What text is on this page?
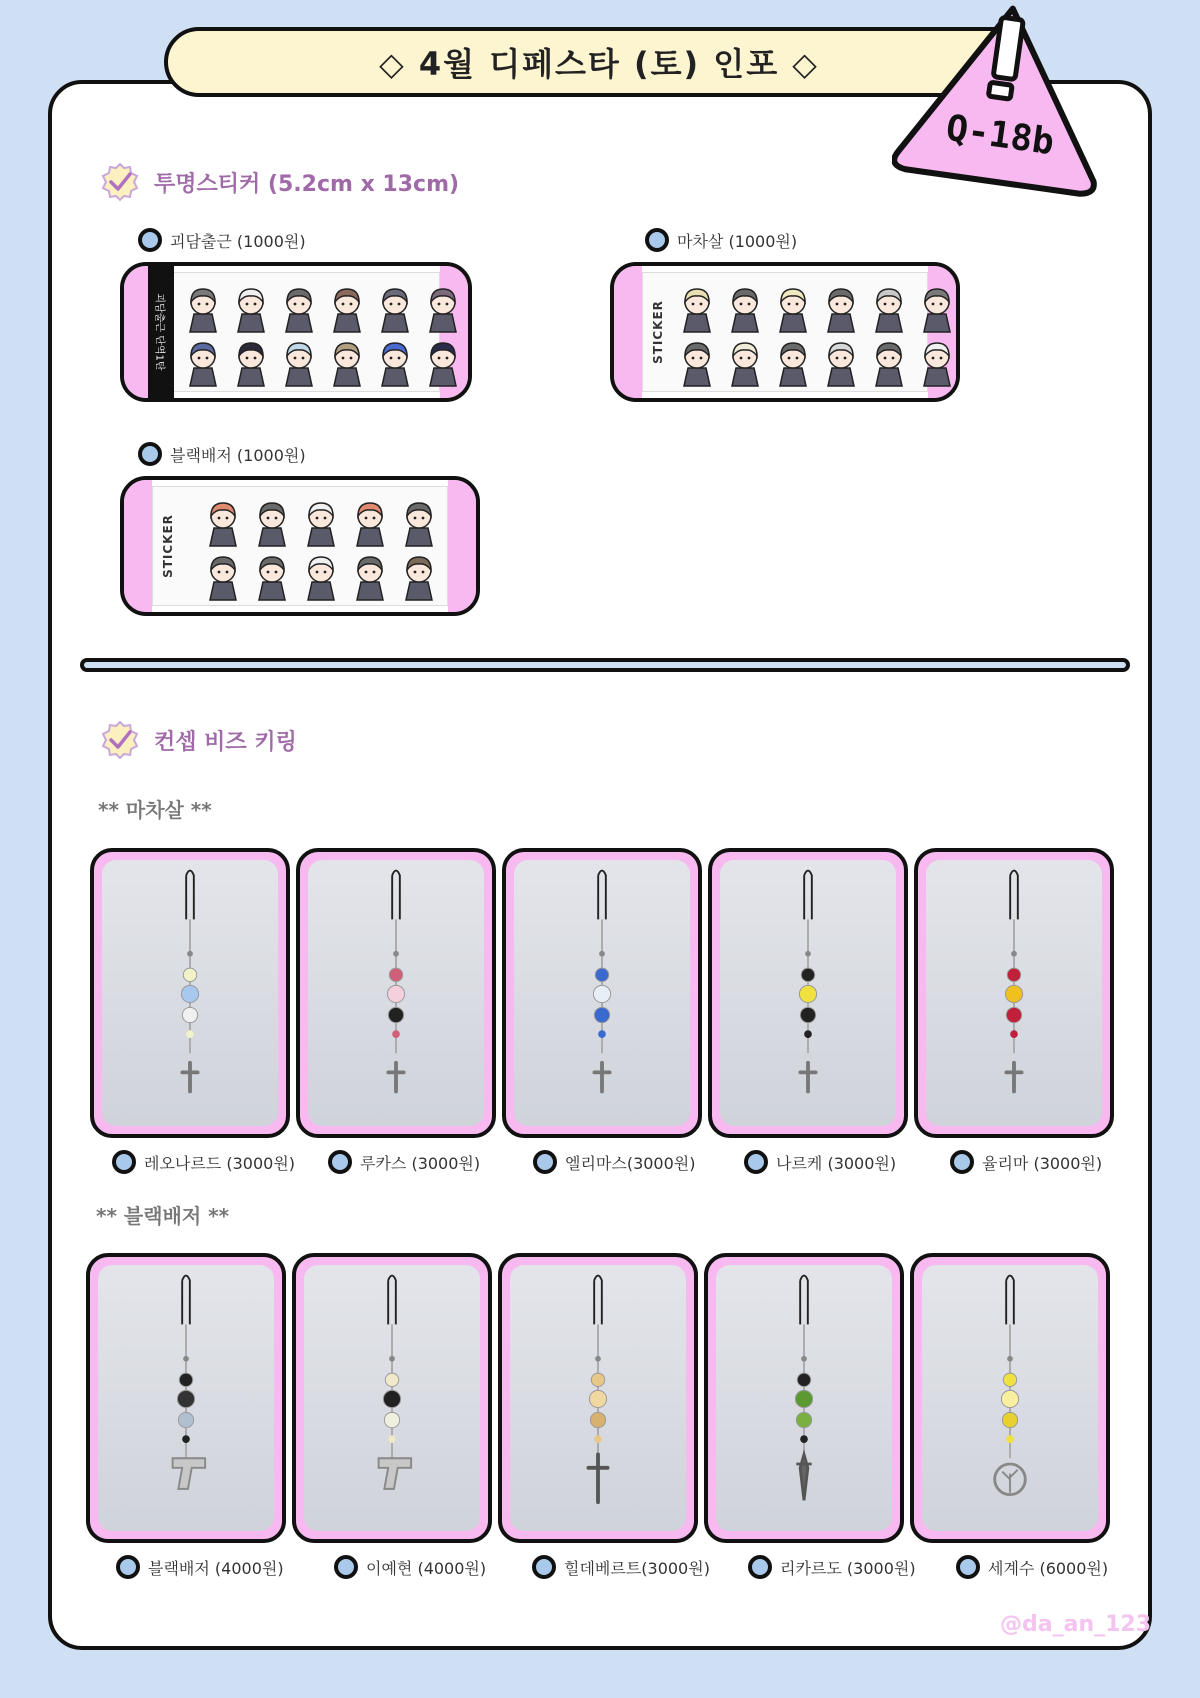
◇ 4월 디페스타 (토) 인포 ◇
Q-18b
투명스티커 (5.2cm x 13cm)
괴담출근 (1000원)
괴담출근 단역1탄
마차살 (1000원)
STICKER
블랙배저 (1000원)
STICKER
컨셉 비즈 키링
** 마차살 **
** 블랙배저 **
레오나르드 (3000원)	루카스 (3000원)	엘리마스(3000원)	나르케 (3000원)	율리마 (3000원)
블랙배저 (4000원)	이예현 (4000원)	힐데베르트(3000원)	리카르도 (3000원)	세계수 (6000원)
@da_an_123
